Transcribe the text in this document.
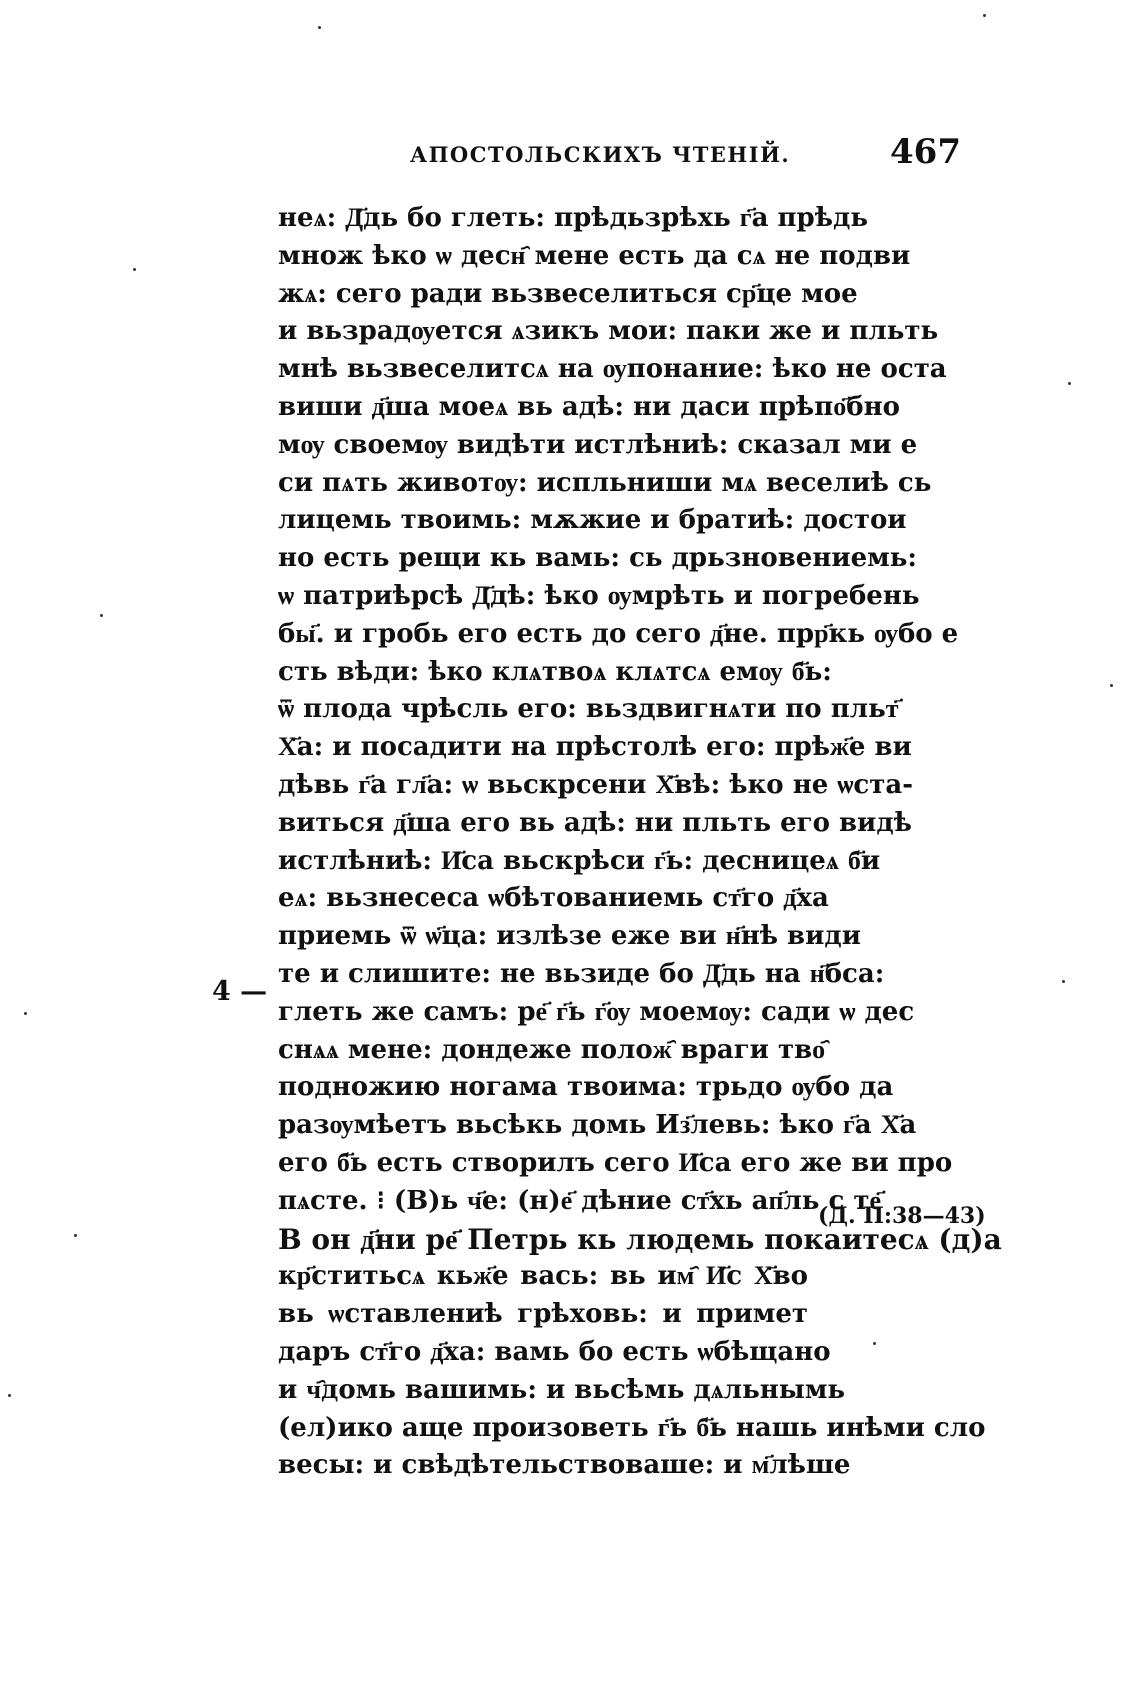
АПОСТОЛЬСКИХЪ ЧТЕНІЙ.	467
4 —
(Д. II:38—43)
неѧ: Д҃дь бо глеть: прѣдьзрѣхь г҃а прѣдь
множ ѣко ѡ десн҄ мене есть да сѧ не подви
жѧ: сего ради вьзвеселиться ср҃це мое
и вьзрадѹется ѧзикъ мои: паки же и пльть
мнѣ вьзвеселитсѧ на ѹпонание: ѣко не оста
виши д҃ша моеѧ вь адѣ: ни даси прѣпо҃бно
мѹ своемѹ видѣти истлѣниѣ: сказал ми е
си пѧть животѹ: испльниши мѧ веселиѣ сь
лицемь твоимь: мѫжие и братиѣ: достои
но есть рещи кь вамь: сь дрьзновениемь:
ѡ патриѣрсѣ Д҃дѣ: ѣко ѹмрѣть и погребень
бы҃. и гробь его есть до сего д҃не. прр҃кь ѹбо е
сть вѣди: ѣко клѧтвоѧ клѧтсѧ емѹ б҃ь:
ѿ плода чрѣсль его: вьздвигнѧти по пльт҃
Х҃а: и посадити на прѣстолѣ его: прѣж҃е ви
дѣвь г҃а гл҃а: ѡ вьскрсени Х҃вѣ: ѣко не ѡста-
виться д҃ша его вь адѣ: ни пльть его видѣ
истлѣниѣ: И҃са вьскрѣси г҃ь: десницеѧ б҃и
еѧ: вьзнесеса ѡбѣтованиемь ст҃го д҃ха
приемь ѿ ѡ҃ца: излѣзе еже ви н҃нѣ види
те и слишите: не вьзиде бо Д҃дь на н҃бса:
глеть же самъ: ре҃ г҃ь г҃ѹ моемѹ: сади ѡ дес
снѧѧ мене: дондеже полож҄ враги тво҄
подножию ногама твоима: трьдо ѹбо да
разѹмѣетъ вьсѣкь домь Из҃левь: ѣко г҃а Х҃а
его б҃ь есть створилъ сего И҃са его же ви про
пѧсте. ⁝ (В)ь ч҃е: (н)е҃ дѣние ст҃хь ап҃ль с те҃
В он д҃ни ре҃ Петрь кь людемь покаитесѧ (д)а
кр҃ститьсѧ кьж҃е вась: вь им҄ И҃с Х҃во
вь ѡставлениѣ грѣховь: и примет
даръ ст҃го д҃ха: вамь бо есть ѡбѣщано
и ч҄домь вашимь: и вьсѣмь дѧльнымь
(ел)ико аще произоветь г҃ь б҃ь нашь инѣми сло
весы: и свѣдѣтельствоваше: и м҃лѣше
